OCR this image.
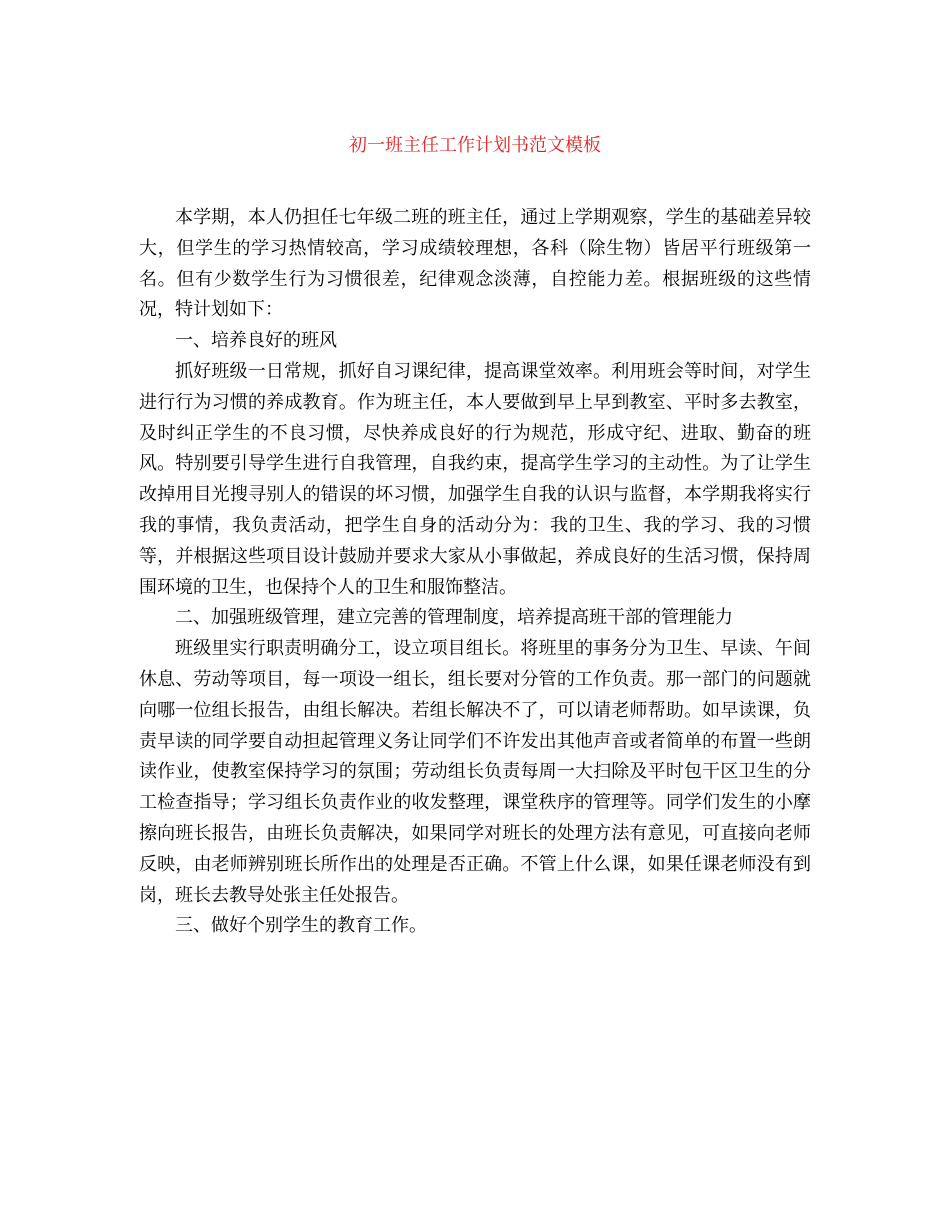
初一班主任工作计划书范文模板

本学期，本人仍担任七年级二班的班主任，通过上学期观察，学生的基础差异较大，但学生的学习热情较高，学习成绩较理想，各科（除生物）皆居平行班级第一名。但有少数学生行为习惯很差，纪律观念淡薄，自控能力差。根据班级的这些情况，特计划如下：

一、培养良好的班风

抓好班级一日常规，抓好自习课纪律，提高课堂效率。利用班会等时间，对学生进行行为习惯的养成教育。作为班主任，本人要做到早上早到教室、平时多去教室，及时纠正学生的不良习惯，尽快养成良好的行为规范，形成守纪、进取、勤奋的班风。特别要引导学生进行自我管理，自我约束，提高学生学习的主动性。为了让学生改掉用目光搜寻别人的错误的坏习惯，加强学生自我的认识与监督，本学期我将实行我的事情，我负责活动，把学生自身的活动分为：我的卫生、我的学习、我的习惯等，并根据这些项目设计鼓励并要求大家从小事做起，养成良好的生活习惯，保持周围环境的卫生，也保持个人的卫生和服饰整洁。

二、加强班级管理，建立完善的管理制度，培养提高班干部的管理能力

班级里实行职责明确分工，设立项目组长。将班里的事务分为卫生、早读、午间休息、劳动等项目，每一项设一组长，组长要对分管的工作负责。那一部门的问题就向哪一位组长报告，由组长解决。若组长解决不了，可以请老师帮助。如早读课，负责早读的同学要自动担起管理义务让同学们不许发出其他声音或者简单的布置一些朗读作业，使教室保持学习的氛围；劳动组长负责每周一大扫除及平时包干区卫生的分工检查指导；学习组长负责作业的收发整理，课堂秩序的管理等。同学们发生的小摩擦向班长报告，由班长负责解决，如果同学对班长的处理方法有意见，可直接向老师反映，由老师辨别班长所作出的处理是否正确。不管上什么课，如果任课老师没有到岗，班长去教导处张主任处报告。

三、做好个别学生的教育工作。
